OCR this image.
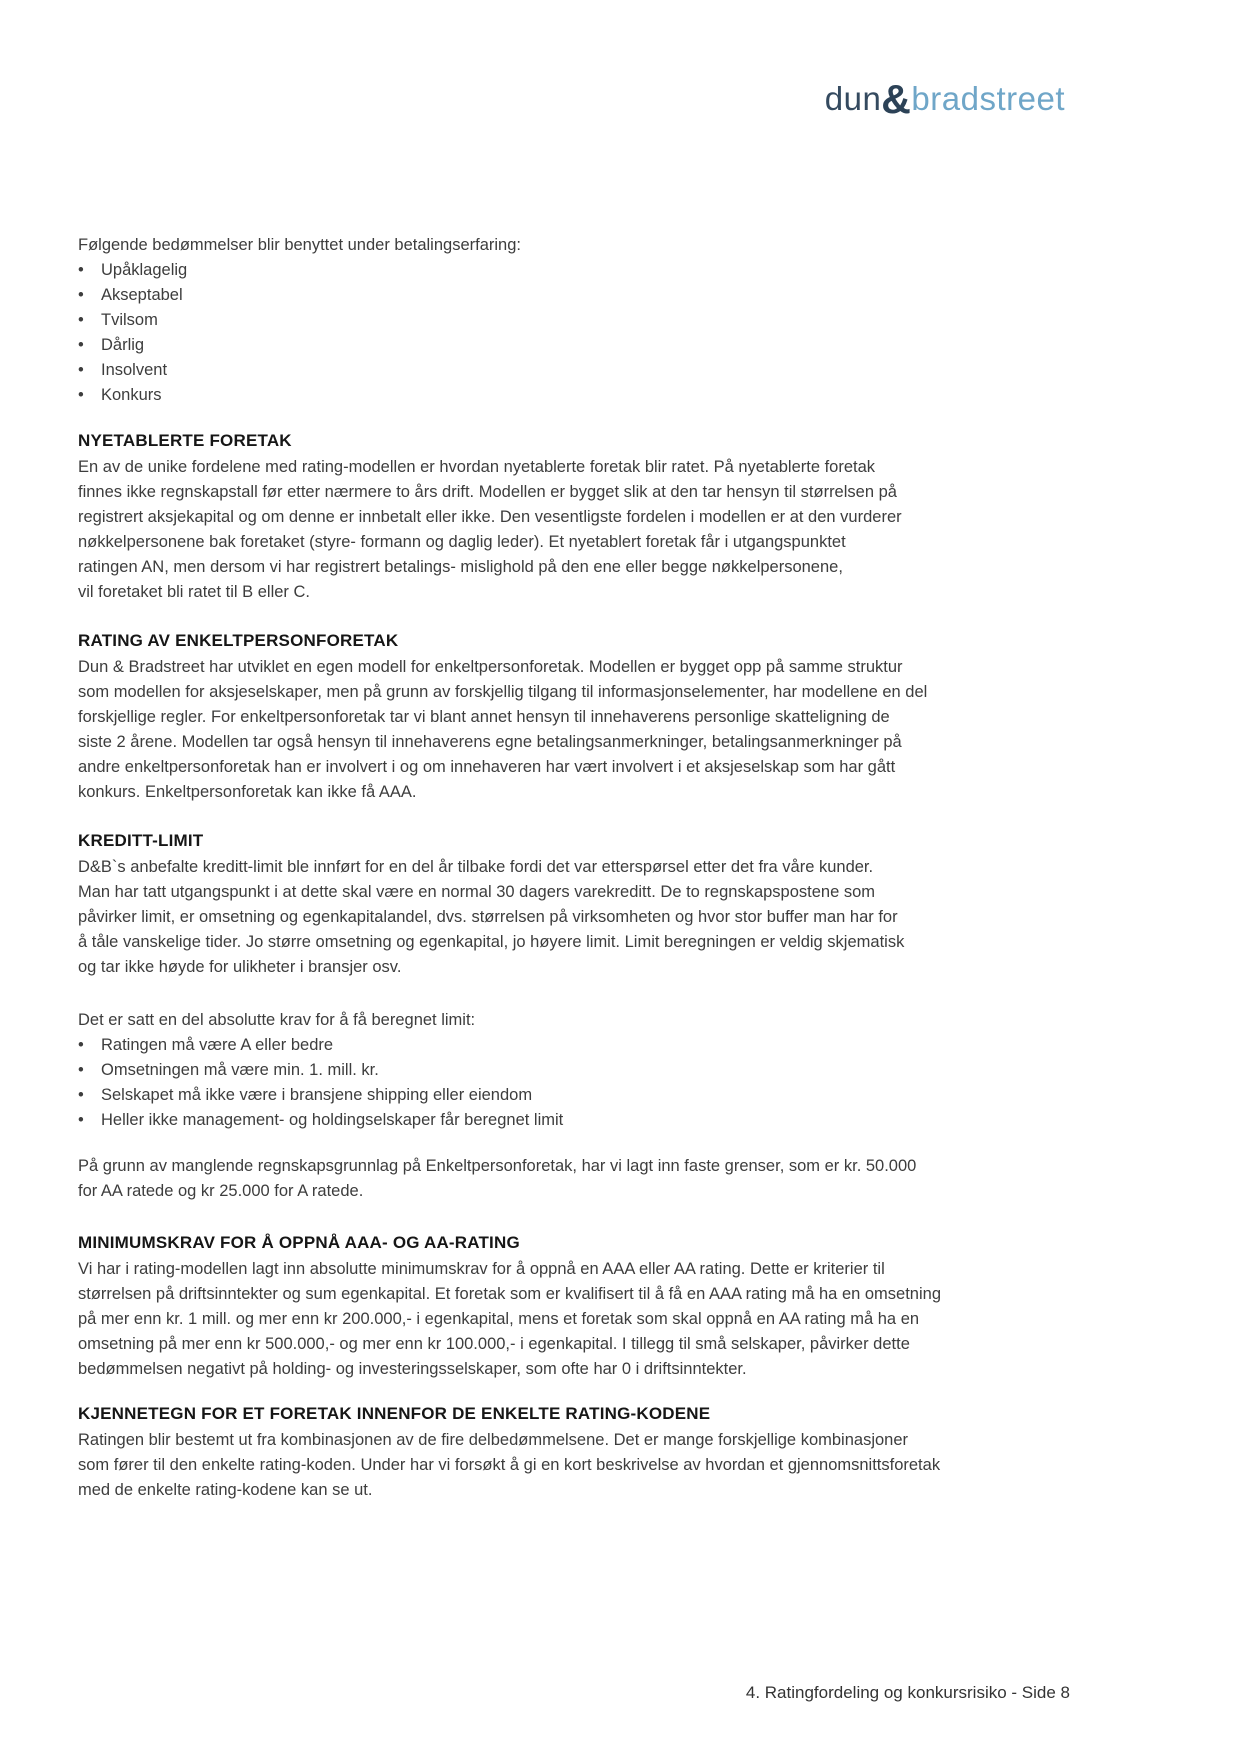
dun&bradstreet
Følgende bedømmelser blir benyttet under betalingserfaring:
•	Upåklagelig
•	Akseptabel
•	Tvilsom
•	Dårlig
•	Insolvent
•	Konkurs
NYETABLERTE FORETAK
En av de unike fordelene med rating-modellen er hvordan nyetablerte foretak blir ratet. På nyetablerte foretak
finnes ikke regnskapstall før etter nærmere to års drift. Modellen er bygget slik at den tar hensyn til størrelsen på
registrert aksjekapital og om denne er innbetalt eller ikke. Den vesentligste fordelen i modellen er at den vurderer
nøkkelpersonene bak foretaket (styre- formann og daglig leder). Et nyetablert foretak får i utgangspunktet
ratingen AN, men dersom vi har registrert betalings- mislighold på den ene eller begge nøkkelpersonene,
vil foretaket bli ratet til B eller C.
RATING AV ENKELTPERSONFORETAK
Dun & Bradstreet har utviklet en egen modell for enkeltpersonforetak. Modellen er bygget opp på samme struktur
som modellen for aksjeselskaper, men på grunn av forskjellig tilgang til informasjonselementer, har modellene en del
forskjellige regler. For enkeltpersonforetak tar vi blant annet hensyn til innehaverens personlige skatteligning de
siste 2 årene. Modellen tar også hensyn til innehaverens egne betalingsanmerkninger, betalingsanmerkninger på
andre enkeltpersonforetak han er involvert i og om innehaveren har vært involvert i et aksjeselskap som har gått
konkurs. Enkeltpersonforetak kan ikke få AAA.
KREDITT-LIMIT
D&B`s anbefalte kreditt-limit ble innført for en del år tilbake fordi det var etterspørsel etter det fra våre kunder.
Man har tatt utgangspunkt i at dette skal være en normal 30 dagers varekreditt. De to regnskapspostene som
påvirker limit, er omsetning og egenkapitalandel, dvs. størrelsen på virksomheten og hvor stor buffer man har for
å tåle vanskelige tider. Jo større omsetning og egenkapital, jo høyere limit. Limit beregningen er veldig skjematisk
og tar ikke høyde for ulikheter i bransjer osv.
Det er satt en del absolutte krav for å få beregnet limit:
•	Ratingen må være A eller bedre
•	Omsetningen må være min. 1. mill. kr.
•	Selskapet må ikke være i bransjene shipping eller eiendom
•	Heller ikke management- og holdingselskaper får beregnet limit
På grunn av manglende regnskapsgrunnlag på Enkeltpersonforetak, har vi lagt inn faste grenser, som er kr. 50.000
for AA ratede og kr 25.000 for A ratede.
MINIMUMSKRAV FOR Å OPPNÅ AAA- OG AA-RATING
Vi har i rating-modellen lagt inn absolutte minimumskrav for å oppnå en AAA eller AA rating. Dette er kriterier til
størrelsen på driftsinntekter og sum egenkapital. Et foretak som er kvalifisert til å få en AAA rating må ha en omsetning
på mer enn kr. 1 mill. og mer enn kr 200.000,- i egenkapital, mens et foretak som skal oppnå en AA rating må ha en
omsetning på mer enn kr 500.000,- og mer enn kr 100.000,- i egenkapital. I tillegg til små selskaper, påvirker dette
bedømmelsen negativt på holding- og investeringsselskaper, som ofte har 0 i driftsinntekter.
KJENNETEGN FOR ET FORETAK INNENFOR DE ENKELTE RATING-KODENE
Ratingen blir bestemt ut fra kombinasjonen av de fire delbedømmelsene. Det er mange forskjellige kombinasjoner
som fører til den enkelte rating-koden. Under har vi forsøkt å gi en kort beskrivelse av hvordan et gjennomsnittsforetak
med de enkelte rating-kodene kan se ut.
4. Ratingfordeling og konkursrisiko - Side 8
